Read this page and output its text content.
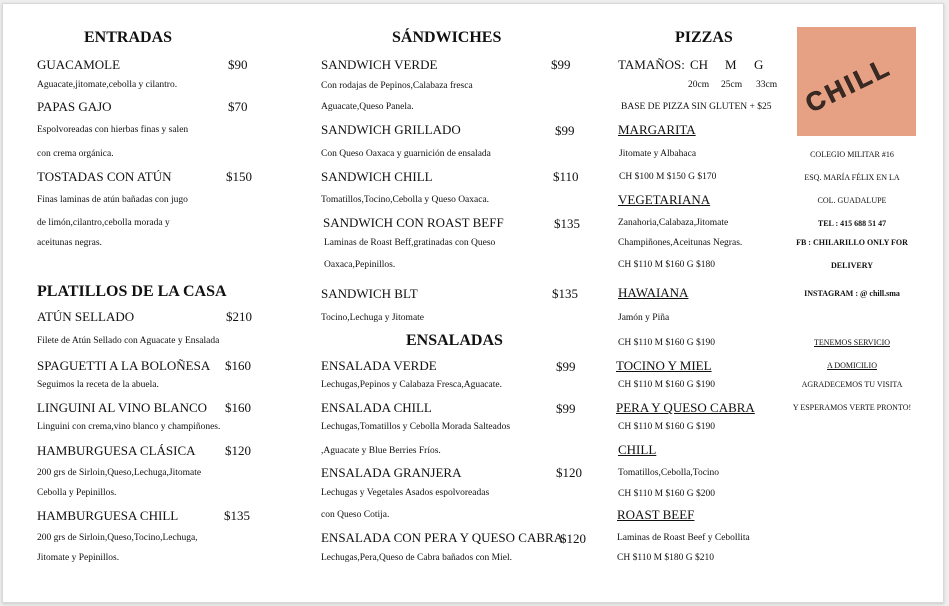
ENTRADAS
GUACAMOLE	$90
Aguacate,jitomate,cebolla y cilantro.
PAPAS GAJO	$70
Espolvoreadas con hierbas finas y salen
con crema orgánica.
TOSTADAS CON ATÚN	$150
Finas laminas de atún bañadas con jugo
de limón,cilantro,cebolla morada y
aceitunas negras.
PLATILLOS DE LA CASA
ATÚN SELLADO	$210
Filete de Atún Sellado con Aguacate y Ensalada
SPAGUETTI A LA BOLOÑESA $160
Seguimos la receta de la abuela.
LINGUINI AL VINO BLANCO $160
Linguini con crema,vino blanco y champiñones.
HAMBURGUESA CLÁSICA $120
200 grs de Sirloin,Queso,Lechuga,Jitomate
Cebolla y Pepinillos.
HAMBURGUESA CHILL	$135
200 grs de Sirloin,Queso,Tocino,Lechuga,
Jitomate y Pepinillos.
SÁNDWICHES
SANDWICH VERDE	$99
Con rodajas de Pepinos,Calabaza fresca
Aguacate,Queso Panela.
SANDWICH GRILLADO	$99
Con Queso Oaxaca y guarnición de ensalada
SANDWICH CHILL	$110
Tomatillos,Tocino,Cebolla y Queso Oaxaca.
SANDWICH CON ROAST BEFF	$135
Laminas de Roast Beff,gratinadas con Queso
Oaxaca,Pepinillos.
SANDWICH BLT	$135
Tocino,Lechuga y Jitomate
ENSALADAS
ENSALADA VERDE	$99
Lechugas,Pepinos y Calabaza Fresca,Aguacate.
ENSALADA CHILL	$99
Lechugas,Tomatillos y Cebolla Morada Salteados
,Aguacate y Blue Berries Fríos.
ENSALADA GRANJERA	$120
Lechugas y Vegetales Asados espolvoreadas
con Queso Cotija.
ENSALADA CON PERA Y QUESO CABRA
$120
Lechugas,Pera,Queso de Cabra bañados con Miel.
PIZZAS
TAMAÑOS: CH M G
20cm 25cm 33cm
BASE DE PIZZA SIN GLUTEN + $25
MARGARITA
Jitomate y Albahaca
CH $100 M $150 G $170
VEGETARIANA
Zanahoria,Calabaza,Jitomate
Champiñones,Aceitunas Negras.
CH $110 M $160 G $180
HAWAIANA
Jamón y Piña
CH $110 M $160 G $190
TOCINO Y MIEL
CH $110 M $160 G $190
PERA Y QUESO CABRA
CH $110 M $160 G $190
CHILL
Tomatillos,Cebolla,Tocino
CH $110 M $160 G $200
ROAST BEEF
Laminas de Roast Beef y Cebollita
CH $110 M $180 G $210
CHILL
COLEGIO MILITAR #16
ESQ. MARÍA FÉLIX EN LA
COL. GUADALUPE
TEL : 415 688 51 47
FB : CHILARILLO ONLY FOR
DELIVERY
INSTAGRAM : @ chill.sma
TENEMOS SERVICIO
A DOMICILIO
AGRADECEMOS TU VISITA
Y ESPERAMOS VERTE PRONTO!
